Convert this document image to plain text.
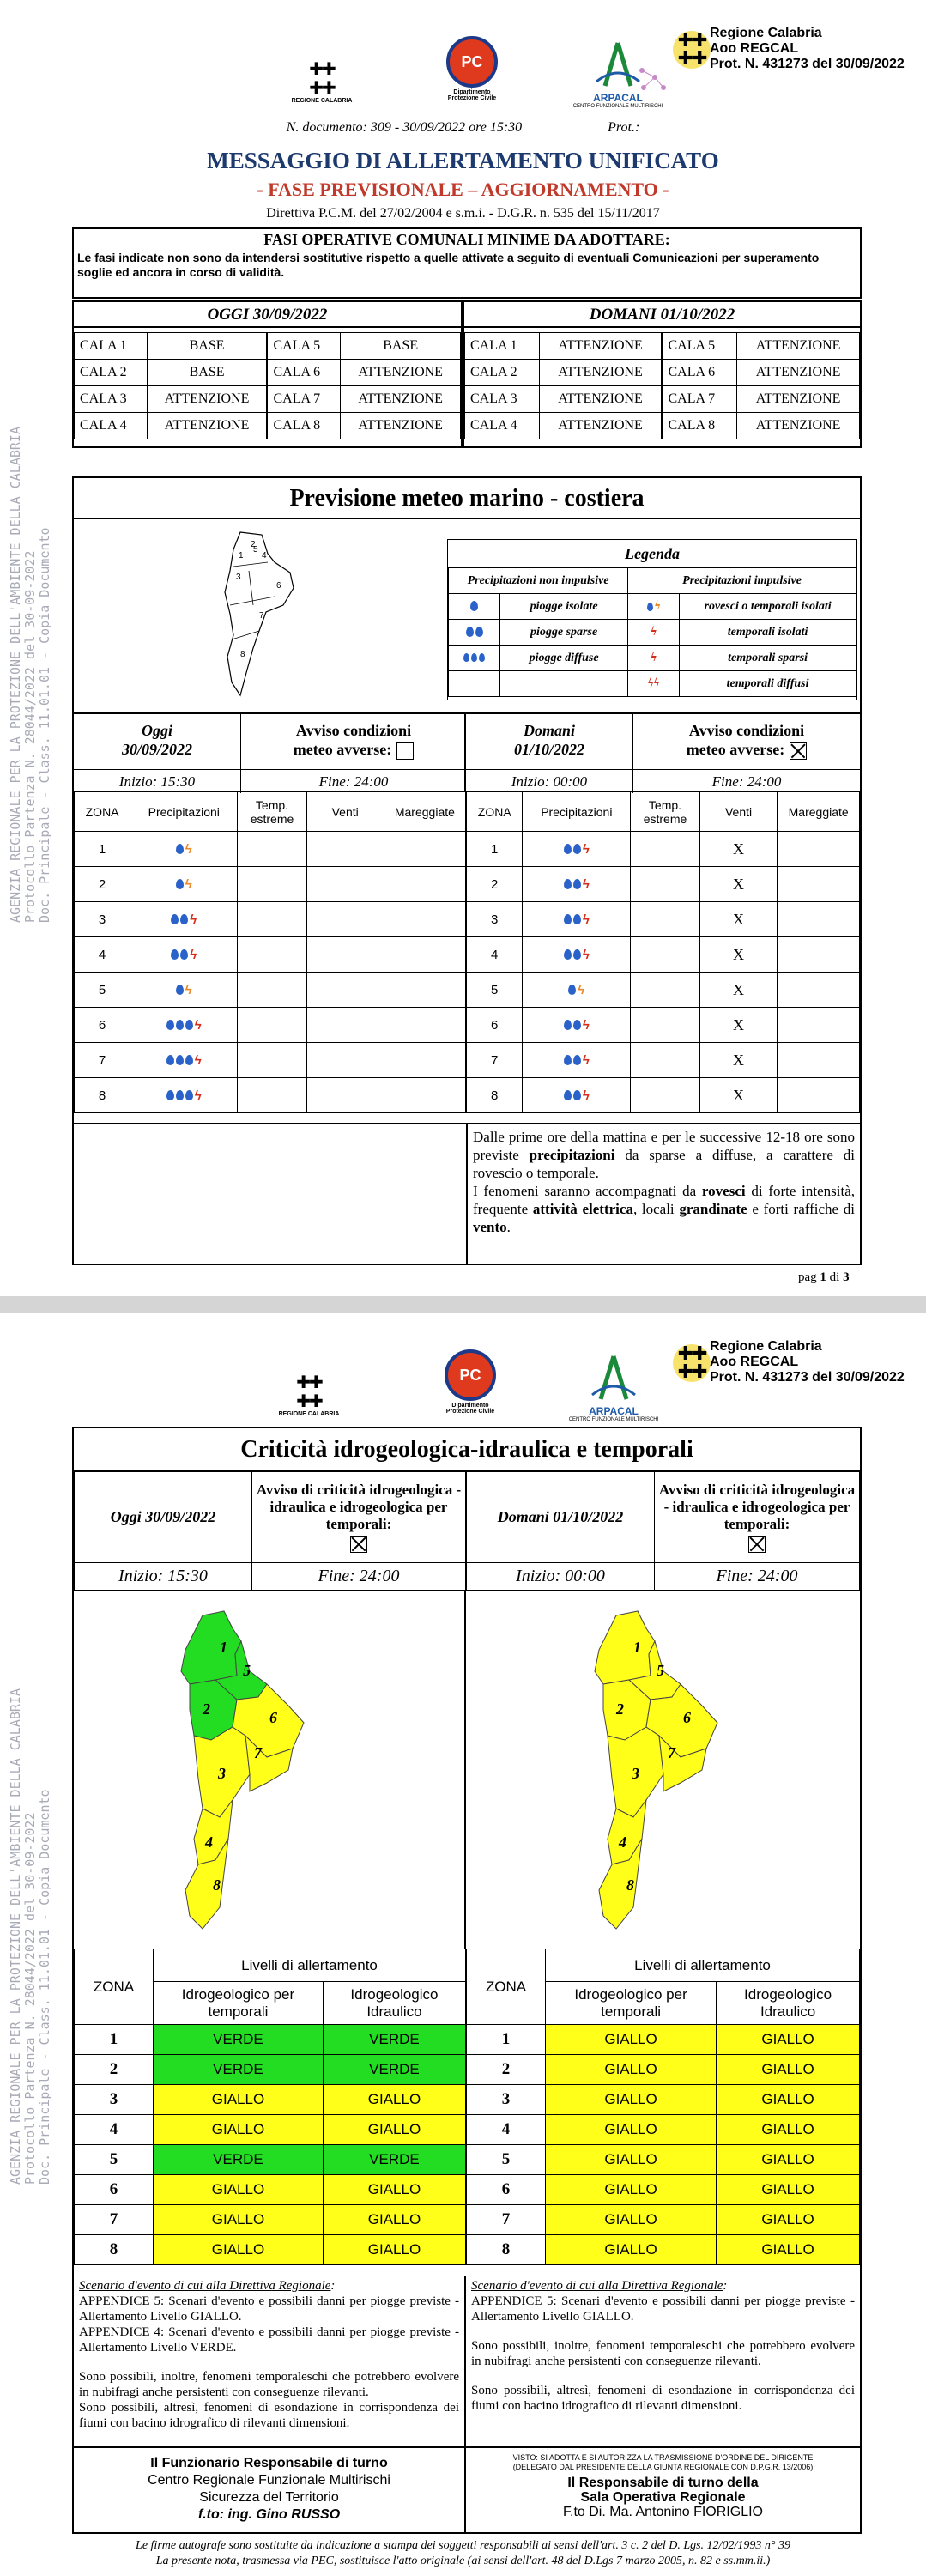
✚✚
✚✚
REGIONE CALABRIA
PC
Dipartimento
Protezione Civile	ARPACAL
CENTRO FUNZIONALE MULTIRISCHI
✚✚
✚✚
Regione Calabria
Aoo REGCAL
Prot. N. 431273 del 30/09/2022
N. documento: 309 - 30/09/2022 ore 15:30	Prot.:
MESSAGGIO DI ALLERTAMENTO UNIFICATO
- FASE PREVISIONALE – AGGIORNAMENTO -
Direttiva P.C.M. del 27/02/2004 e s.m.i. - D.G.R. n. 535 del 15/11/2017
FASI OPERATIVE COMUNALI MINIME DA ADOTTARE:
Le fasi indicate non sono da intendersi sostitutive rispetto a quelle attivate a seguito di eventuali Comunicazioni per superamento soglie ed ancora in corso di validità.
OGGI 30/09/2022
CALA 1	BASE	CALA 5	BASE
CALA 2	BASE	CALA 6	ATTENZIONE
CALA 3	ATTENZIONE	CALA 7	ATTENZIONE
CALA 4	ATTENZIONE	CALA 8	ATTENZIONE
DOMANI 01/10/2022
CALA 1	ATTENZIONE	CALA 5	ATTENZIONE
CALA 2	ATTENZIONE	CALA 6	ATTENZIONE
CALA 3	ATTENZIONE	CALA 7	ATTENZIONE
CALA 4	ATTENZIONE	CALA 8	ATTENZIONE
Previsione meteo marino - costiera
1
2
3
4
5
6
7
8
Legenda
Precipitazioni non impulsive		Precipitazioni impulsive	
	piogge isolate	ϟ	rovesci o temporali isolati
	piogge sparse	ϟ	temporali isolati
	piogge diffuse	ϟ	temporali sparsi
		ϟϟ	temporali diffusi
Oggi
30/09/2022
Avviso condizioni
meteo avverse:
Inizio: 15:30	Fine: 24:00
Domani
01/10/2022
Avviso condizioni
meteo avverse:
Inizio: 00:00	Fine: 24:00
ZONA	Precipitazioni	Temp. estreme	Venti	Mareggiate
1	ϟ			
2	ϟ			
3	ϟ			
4	ϟ			
5	ϟ			
6	ϟ			
7	ϟ			
8	ϟ			
ZONA	Precipitazioni	Temp. estreme	Venti	Mareggiate
1	ϟ		X	
2	ϟ		X	
3	ϟ		X	
4	ϟ		X	
5	ϟ		X	
6	ϟ		X	
7	ϟ		X	
8	ϟ		X	
Dalle prime ore della mattina e per le successive 12-18 ore sono previste precipitazioni da sparse a diffuse, a carattere di rovescio o temporale.
I fenomeni saranno accompagnati da rovesci di forte intensità, frequente attività elettrica, locali grandinate e forti raffiche di vento.
pag 1 di 3
AGENZIA REGIONALE PER LA PROTEZIONE DELL'AMBIENTE DELLA CALABRIA Protocollo Partenza N. 28044/2022 del 30-09-2022 Doc. Principale - Class. 11.01.01 - Copia Documento
✚✚
✚✚
REGIONE CALABRIA
PC
Dipartimento
Protezione Civile	ARPACAL
CENTRO FUNZIONALE MULTIRISCHI
✚✚
✚✚
Regione Calabria
Aoo REGCAL
Prot. N. 431273 del 30/09/2022
Criticità idrogeologica-idraulica e temporali
Oggi 30/09/2022	Avviso di criticità idrogeologica - idraulica e idrogeologica per temporali:

Inizio: 15:30	Fine: 24:00
Domani 01/10/2022	Avviso di criticità idrogeologica - idraulica e idrogeologica per temporali:

Inizio: 00:00	Fine: 24:00
1
2
3
4
5
6
7
8
1
2
3
4
5
6
7
8
ZONA	Livelli di allertamento	
	Idrogeologico per temporali	Idrogeologico Idraulico
1	VERDE	VERDE
2	VERDE	VERDE
3	GIALLO	GIALLO
4	GIALLO	GIALLO
5	VERDE	VERDE
6	GIALLO	GIALLO
7	GIALLO	GIALLO
8	GIALLO	GIALLO
ZONA	Livelli di allertamento	
	Idrogeologico per temporali	Idrogeologico Idraulico
1	GIALLO	GIALLO
2	GIALLO	GIALLO
3	GIALLO	GIALLO
4	GIALLO	GIALLO
5	GIALLO	GIALLO
6	GIALLO	GIALLO
7	GIALLO	GIALLO
8	GIALLO	GIALLO
Scenario d'evento di cui alla Direttiva Regionale:
APPENDICE 5: Scenari d'evento e possibili danni per piogge previste - Allertamento Livello GIALLO.
APPENDICE 4: Scenari d'evento e possibili danni per piogge previste - Allertamento Livello VERDE.
Sono possibili, inoltre, fenomeni temporaleschi che potrebbero evolvere in nubifragi anche persistenti con conseguenze rilevanti.
Sono possibili, altresì, fenomeni di esondazione in corrispondenza dei fiumi con bacino idrografico di rilevanti dimensioni.
Scenario d'evento di cui alla Direttiva Regionale:
APPENDICE 5: Scenari d'evento e possibili danni per piogge previste - Allertamento Livello GIALLO.
Sono possibili, inoltre, fenomeni temporaleschi che potrebbero evolvere in nubifragi anche persistenti con conseguenze rilevanti.
Sono possibili, altresì, fenomeni di esondazione in corrispondenza dei fiumi con bacino idrografico di rilevanti dimensioni.
Il Funzionario Responsabile di turno
Centro Regionale Funzionale Multirischi
Sicurezza del Territorio
f.to: ing. Gino RUSSO
VISTO: SI ADOTTA E SI AUTORIZZA LA TRASMISSIONE D'ORDINE DEL DIRIGENTE
(DELEGATO DAL PRESIDENTE DELLA GIUNTA REGIONALE CON D.P.G.R. 13/2006)
Il Responsabile di turno della
Sala Operativa Regionale
F.to Di. Ma. Antonino FIORIGLIO
Le firme autografe sono sostituite da indicazione a stampa dei soggetti responsabili ai sensi dell'art. 3 c. 2 del D. Lgs. 12/02/1993 n° 39
La presente nota, trasmessa via PEC, sostituisce l'atto originale (ai sensi dell'art. 48 del D.Lgs 7 marzo 2005, n. 82 e ss.mm.ii.)
AGENZIA REGIONALE PER LA PROTEZIONE DELL'AMBIENTE DELLA CALABRIA Protocollo Partenza N. 28044/2022 del 30-09-2022 Doc. Principale - Class. 11.01.01 - Copia Documento
